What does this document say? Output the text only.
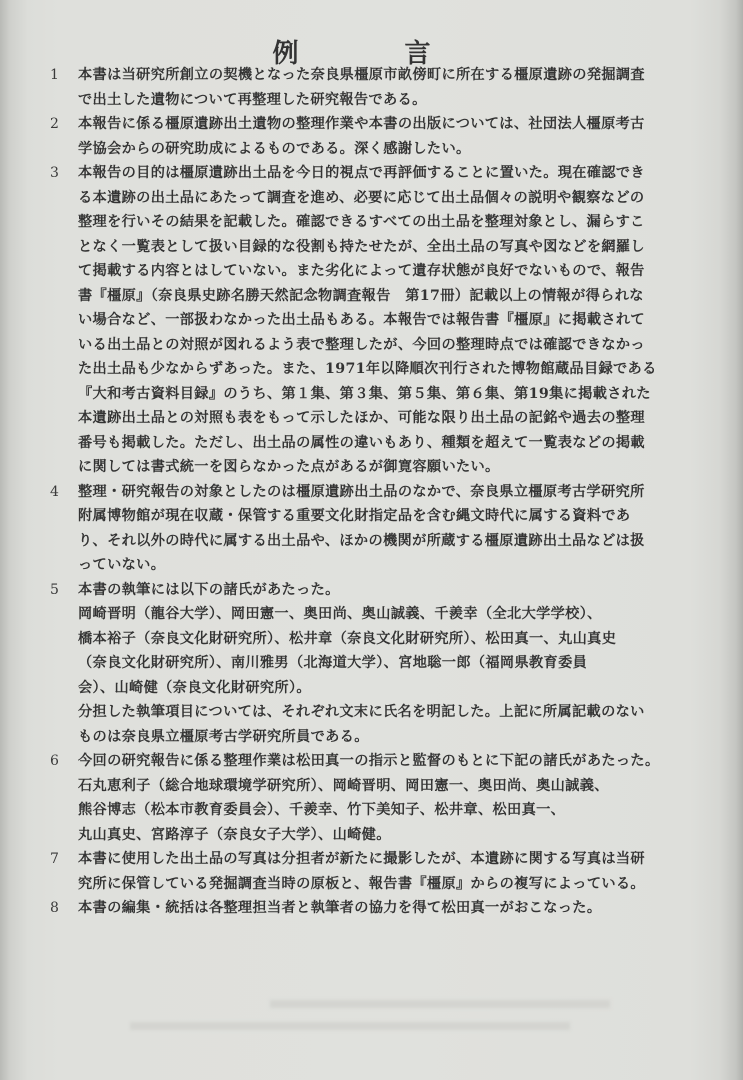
例　言
1	本書は当研究所創立の契機となった奈良県橿原市畝傍町に所在する橿原遺跡の発掘調査
で出土した遺物について再整理した研究報告である。
2	本報告に係る橿原遺跡出土遺物の整理作業や本書の出版については、社団法人橿原考古
学協会からの研究助成によるものである。深く感謝したい。
3	本報告の目的は橿原遺跡出土品を今日的視点で再評価することに置いた。現在確認でき
る本遺跡の出土品にあたって調査を進め、必要に応じて出土品個々の説明や観察などの
整理を行いその結果を記載した。確認できるすべての出土品を整理対象とし、漏らすこ
となく一覧表として扱い目録的な役割も持たせたが、全出土品の写真や図などを網羅し
て掲載する内容とはしていない。また劣化によって遺存状態が良好でないもので、報告
書『橿原』（奈良県史跡名勝天然記念物調査報告　第17冊）記載以上の情報が得られな
い場合など、一部扱わなかった出土品もある。本報告では報告書『橿原』に掲載されて
いる出土品との対照が図れるよう表で整理したが、今回の整理時点では確認できなかっ
た出土品も少なからずあった。また、1971年以降順次刊行された博物館蔵品目録である
『大和考古資料目録』のうち、第１集、第３集、第５集、第６集、第19集に掲載された
本遺跡出土品との対照も表をもって示したほか、可能な限り出土品の記銘や過去の整理
番号も掲載した。ただし、出土品の属性の違いもあり、種類を超えて一覧表などの掲載
に関しては書式統一を図らなかった点があるが御寛容願いたい。
4	整理・研究報告の対象としたのは橿原遺跡出土品のなかで、奈良県立橿原考古学研究所
附属博物館が現在収蔵・保管する重要文化財指定品を含む縄文時代に属する資料であ
り、それ以外の時代に属する出土品や、ほかの機関が所蔵する橿原遺跡出土品などは扱
っていない。
5	本書の執筆には以下の諸氏があたった。
岡崎晋明（龍谷大学）、岡田憲一、奥田尚、奥山誠義、千羨幸（全北大学学校）、
橋本裕子（奈良文化財研究所）、松井章（奈良文化財研究所）、松田真一、丸山真史
（奈良文化財研究所）、南川雅男（北海道大学）、宮地聡一郎（福岡県教育委員
会）、山崎健（奈良文化財研究所）。
分担した執筆項目については、それぞれ文末に氏名を明記した。上記に所属記載のない
ものは奈良県立橿原考古学研究所員である。
6	今回の研究報告に係る整理作業は松田真一の指示と監督のもとに下記の諸氏があたった。
石丸恵利子（総合地球環境学研究所）、岡崎晋明、岡田憲一、奥田尚、奥山誠義、
熊谷博志（松本市教育委員会）、千羨幸、竹下美知子、松井章、松田真一、
丸山真史、宮路淳子（奈良女子大学）、山崎健。
7	本書に使用した出土品の写真は分担者が新たに撮影したが、本遺跡に関する写真は当研
究所に保管している発掘調査当時の原板と、報告書『橿原』からの複写によっている。
8	本書の編集・統括は各整理担当者と執筆者の協力を得て松田真一がおこなった。
